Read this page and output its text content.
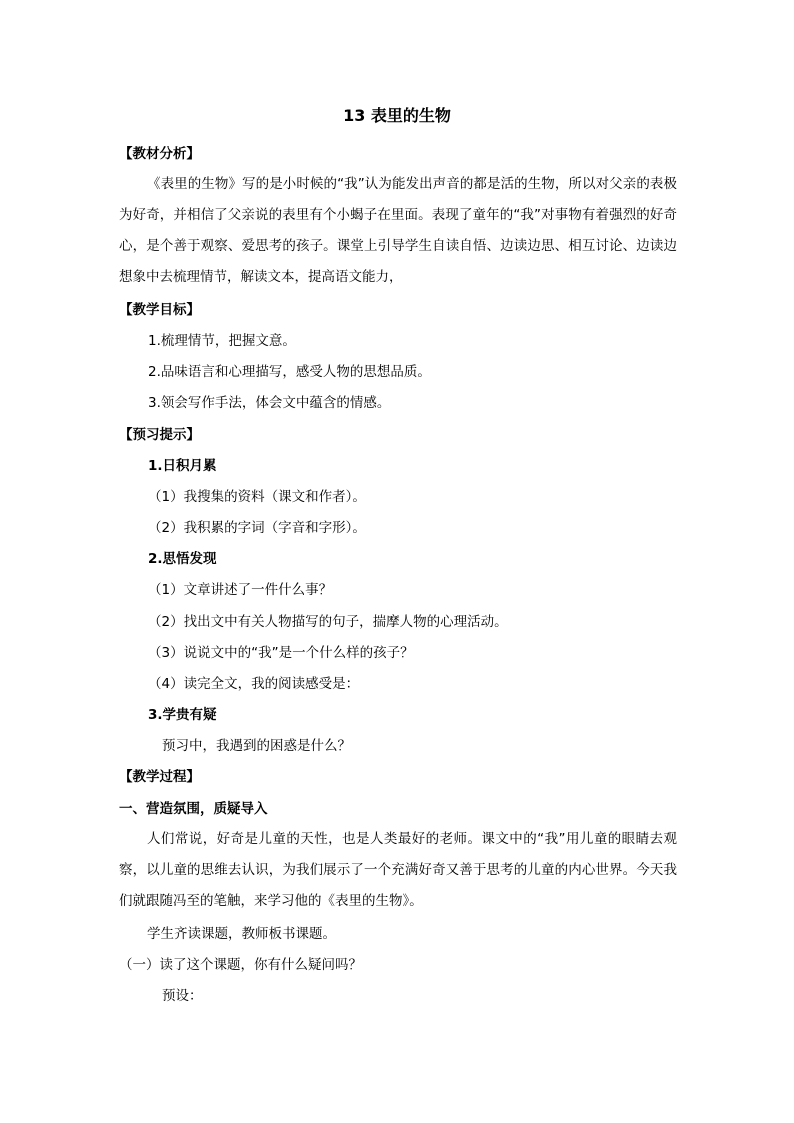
13 表里的生物
【教材分析】
《表里的生物》写的是小时候的“我”认为能发出声音的都是活的生物，所以对父亲的表极为好奇，并相信了父亲说的表里有个小蝎子在里面。表现了童年的“我”对事物有着强烈的好奇心，是个善于观察、爱思考的孩子。课堂上引导学生自读自悟、边读边思、相互讨论、边读边想象中去梳理情节，解读文本，提高语文能力，
【教学目标】
1.梳理情节，把握文意。
2.品味语言和心理描写，感受人物的思想品质。
3.领会写作手法，体会文中蕴含的情感。
【预习提示】
1.日积月累
（1）我搜集的资料（课文和作者）。
（2）我积累的字词（字音和字形）。
2.思悟发现
（1）文章讲述了一件什么事？
（2）找出文中有关人物描写的句子，揣摩人物的心理活动。
（3）说说文中的“我”是一个什么样的孩子？
（4）读完全文，我的阅读感受是：
3.学贵有疑
预习中，我遇到的困惑是什么？
【教学过程】
一、营造氛围，质疑导入
人们常说，好奇是儿童的天性，也是人类最好的老师。课文中的“我”用儿童的眼睛去观察，以儿童的思维去认识，为我们展示了一个充满好奇又善于思考的儿童的内心世界。今天我们就跟随冯至的笔触，来学习他的《表里的生物》。
学生齐读课题，教师板书课题。
（一）读了这个课题，你有什么疑问吗？
预设：
